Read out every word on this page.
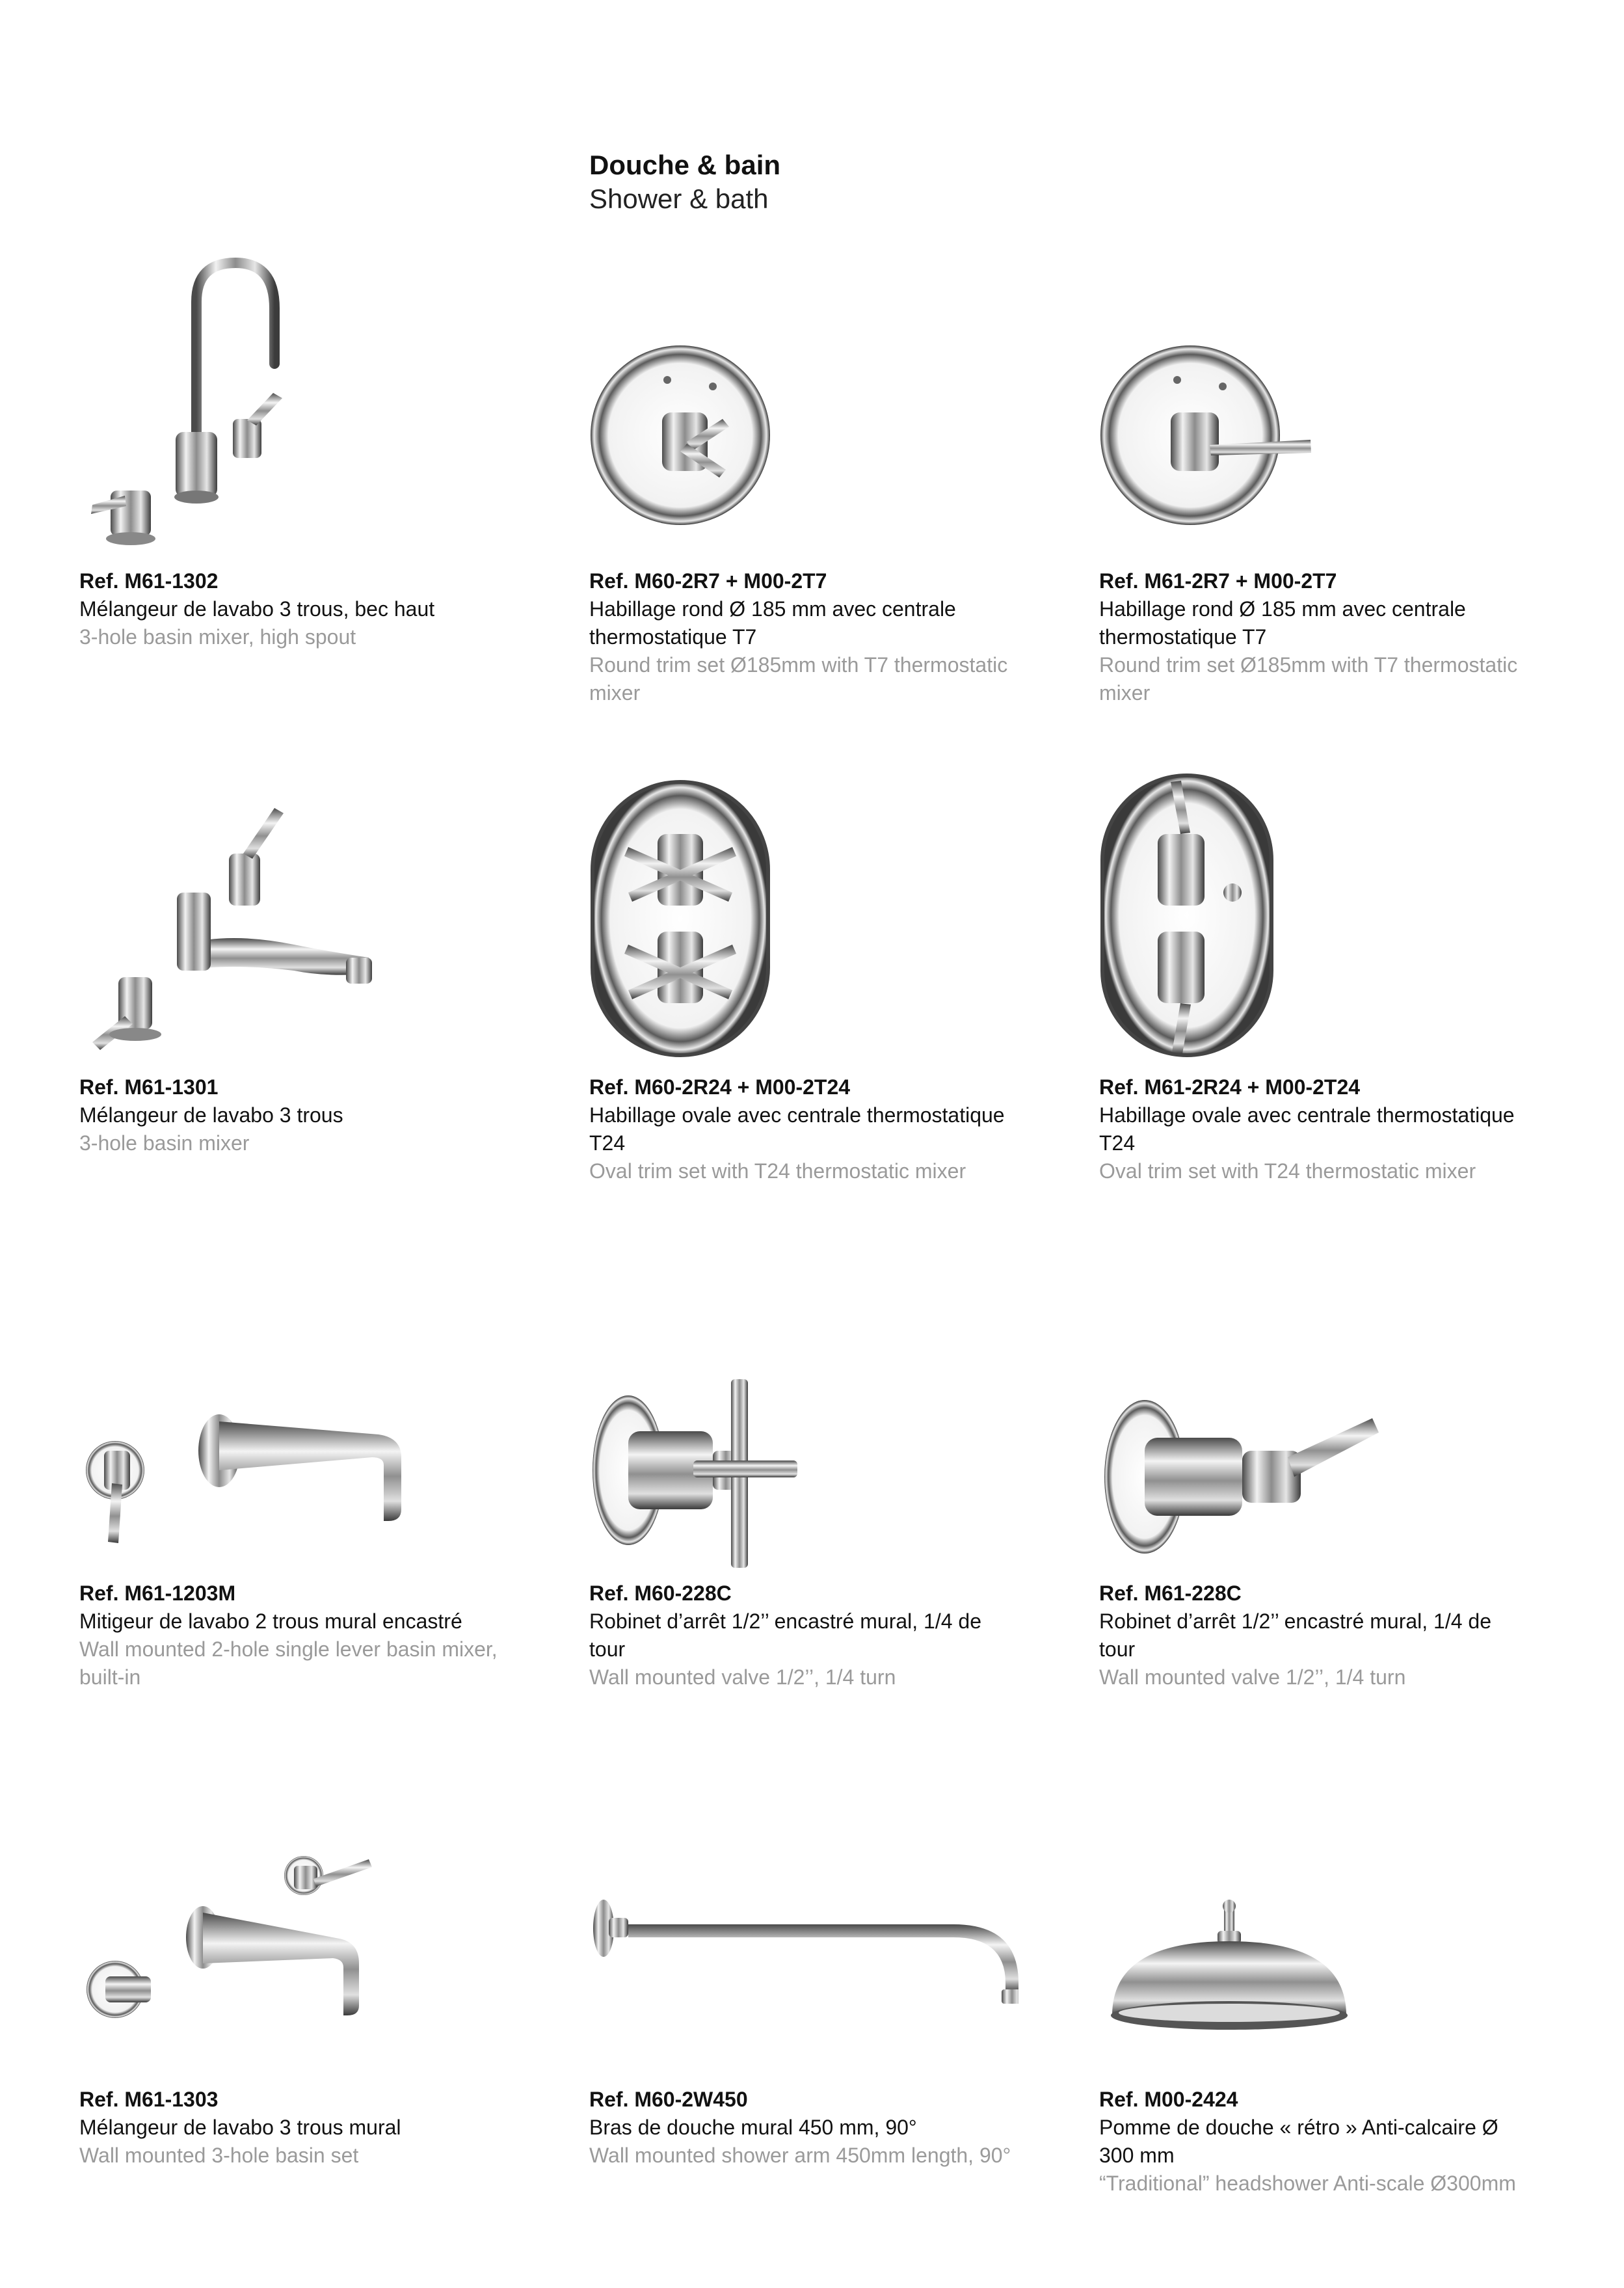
Douche & bain
Shower & bath
Ref. M61-1302
Mélangeur de lavabo 3 trous, bec haut
3-hole basin mixer, high spout
Ref. M60-2R7 + M00-2T7
Habillage rond Ø 185 mm avec centrale thermostatique T7
Round trim set Ø185mm with T7 thermostatic mixer
Ref. M61-2R7 + M00-2T7
Habillage rond Ø 185 mm avec centrale thermostatique T7
Round trim set Ø185mm with T7 thermostatic mixer
Ref. M61-1301
Mélangeur de lavabo 3 trous
3-hole basin mixer
Ref. M60-2R24 + M00-2T24
Habillage ovale avec centrale thermostatique T24
Oval trim set with T24 thermostatic mixer
Ref. M61-2R24 + M00-2T24
Habillage ovale avec centrale thermostatique T24
Oval trim set with T24 thermostatic mixer
Ref. M61-1203M
Mitigeur de lavabo 2 trous mural encastré
Wall mounted 2-hole single lever basin mixer, built-in
Ref. M60-228C
Robinet d’arrêt 1/2’’ encastré mural, 1/4 de tour
Wall mounted valve 1/2’’, 1/4 turn
Ref. M61-228C
Robinet d’arrêt 1/2’’ encastré mural, 1/4 de tour
Wall mounted valve 1/2’’, 1/4 turn
Ref. M61-1303
Mélangeur de lavabo 3 trous mural
Wall mounted 3-hole basin set
Ref. M60-2W450
Bras de douche mural 450 mm, 90°
Wall mounted shower arm 450mm length, 90°
Ref. M00-2424
Pomme de douche « rétro » Anti-calcaire Ø 300 mm
“Traditional” headshower Anti-scale Ø300mm
